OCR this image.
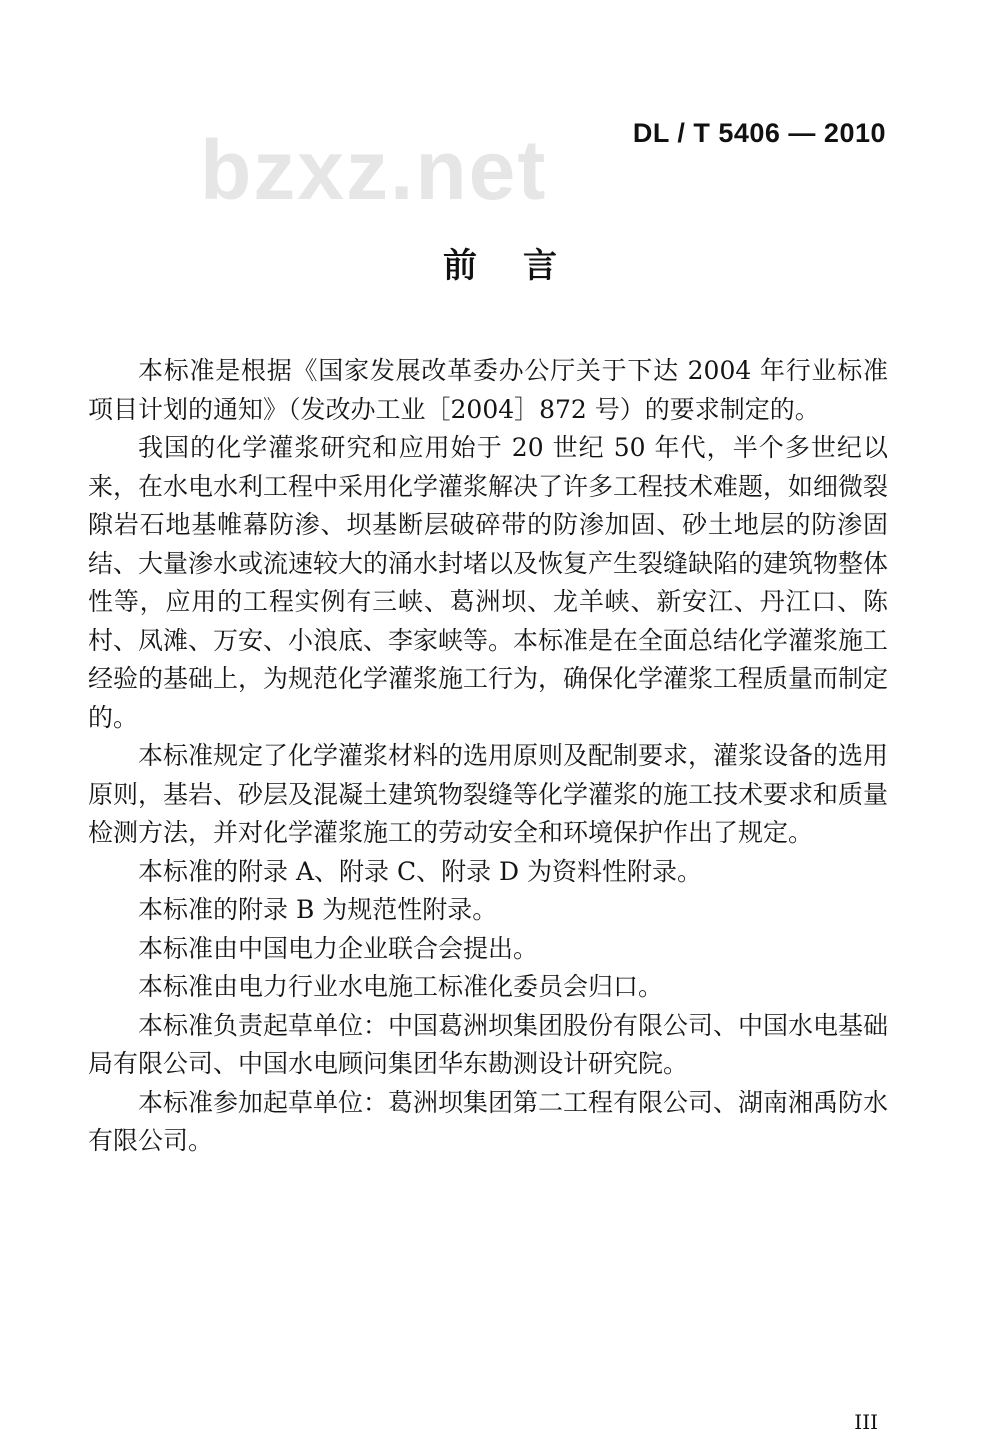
DL / T 5406 — 2010
bzxz.net
前言

本标准是根据《国家发展改革委办公厅关于下达 2004 年行业标准项目计划的通知》（发改办工业［2004］872 号）的要求制定的。

我国的化学灌浆研究和应用始于 20 世纪 50 年代，半个多世纪以来，在水电水利工程中采用化学灌浆解决了许多工程技术难题，如细微裂隙岩石地基帷幕防渗、坝基断层破碎带的防渗加固、砂土地层的防渗固结、大量渗水或流速较大的涌水封堵以及恢复产生裂缝缺陷的建筑物整体性等，应用的工程实例有三峡、葛洲坝、龙羊峡、新安江、丹江口、陈村、凤滩、万安、小浪底、李家峡等。本标准是在全面总结化学灌浆施工经验的基础上，为规范化学灌浆施工行为，确保化学灌浆工程质量而制定的。

本标准规定了化学灌浆材料的选用原则及配制要求，灌浆设备的选用原则，基岩、砂层及混凝土建筑物裂缝等化学灌浆的施工技术要求和质量检测方法，并对化学灌浆施工的劳动安全和环境保护作出了规定。

本标准的附录 A、附录 C、附录 D 为资料性附录。

本标准的附录 B 为规范性附录。

本标准由中国电力企业联合会提出。

本标准由电力行业水电施工标准化委员会归口。

本标准负责起草单位：中国葛洲坝集团股份有限公司、中国水电基础局有限公司、中国水电顾问集团华东勘测设计研究院。

本标准参加起草单位：葛洲坝集团第二工程有限公司、湖南湘禹防水有限公司。

III
